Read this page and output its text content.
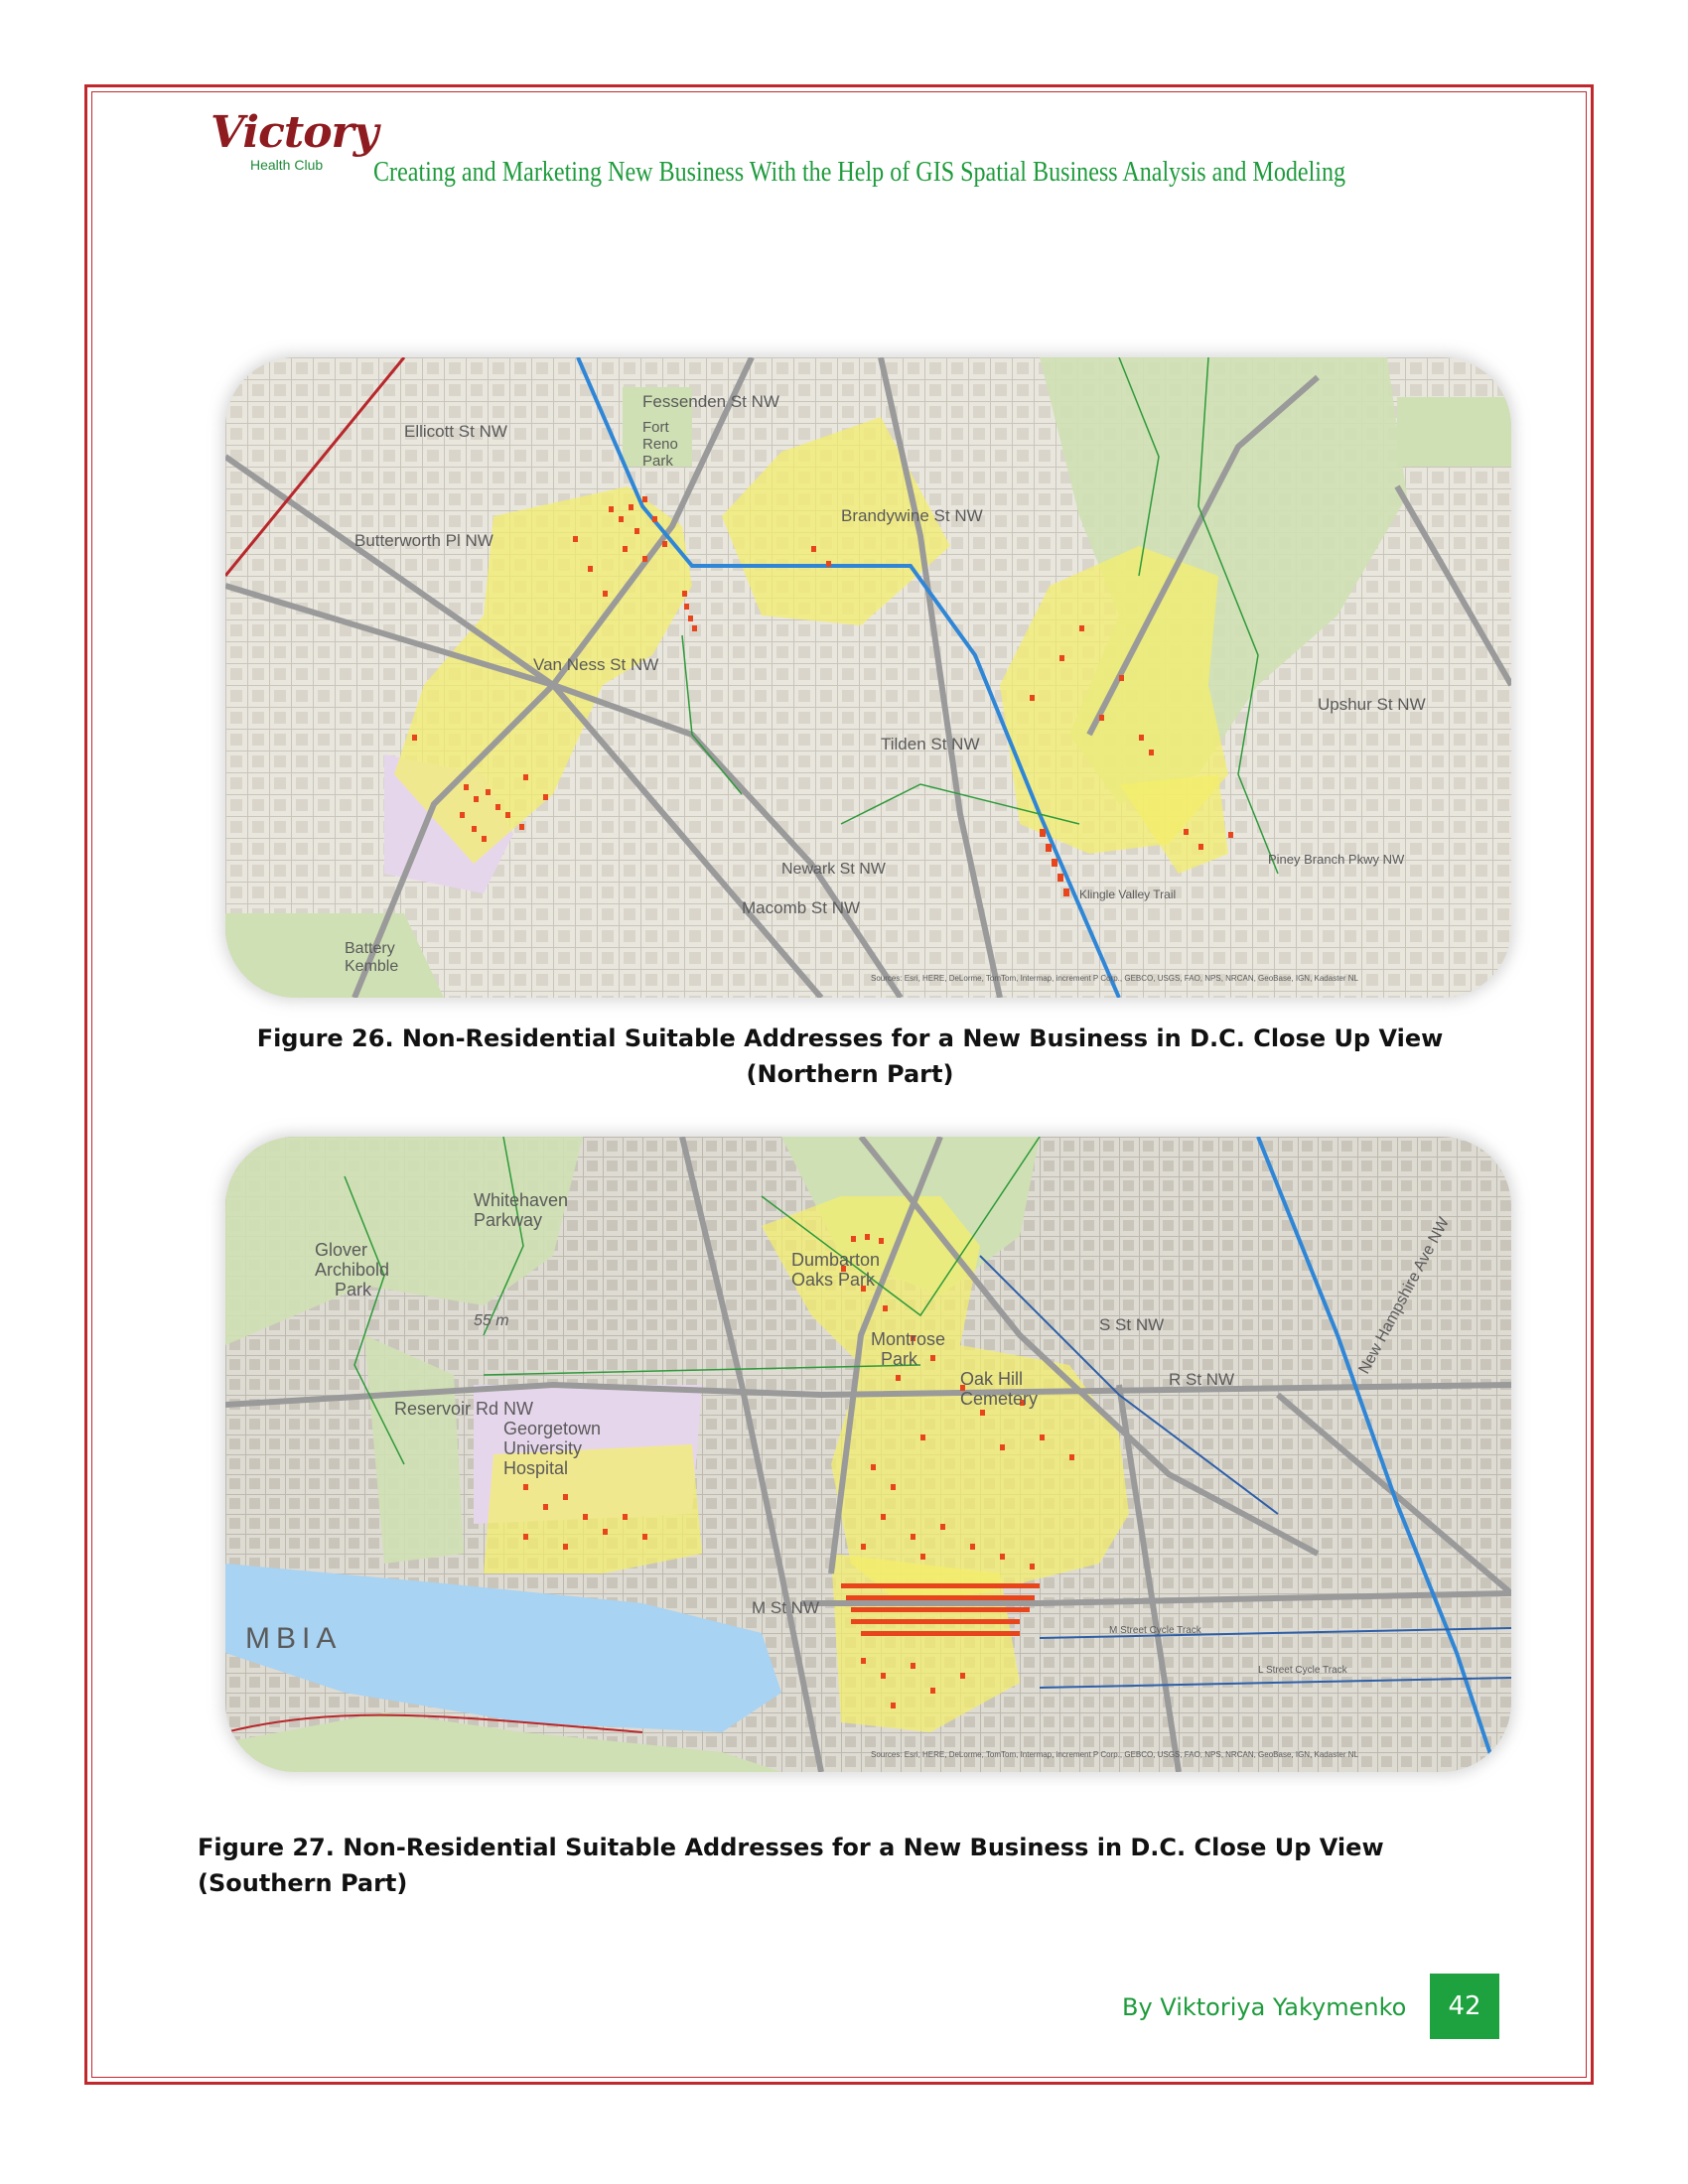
Victory
Health Club Creating and Marketing New Business With the Help of GIS Spatial Business Analysis and Modeling
Fessenden St NW
Fort
Reno
Park
Ellicott St NW
Brandywine St NW
Butterworth Pl NW
Van Ness St NW
Tilden St NW
Upshur St NW
Macomb St NW
Newark St NW
Klingle Valley Trail
Piney Branch Pkwy NW
Battery
Kemble
Sources: Esri, HERE, DeLorme, TomTom, Intermap, increment P Corp., GEBCO, USGS, FAO, NPS, NRCAN, GeoBase, IGN, Kadaster NL

Figure 26. Non-Residential Suitable Addresses for a New Business in D.C. Close Up View (Northern Part)

Whitehaven
Parkway
Glover
Archibold
Park
55 m
Reservoir Rd NW
Georgetown
University
Hospital
Dumbarton
Oaks Park
Montrose
Park
Oak Hill
Cemetery
R St NW
S St NW
M St NW
MBIA	M Street Cycle Track
L Street Cycle Track
New Hampshire Ave NW
Sources: Esri, HERE, DeLorme, TomTom, Intermap, increment P Corp., GEBCO, USGS, FAO, NPS, NRCAN, GeoBase, IGN, Kadaster NL

Figure 27. Non-Residential Suitable Addresses for a New Business in D.C. Close Up View (Southern Part)

By Viktoriya Yakymenko	42
